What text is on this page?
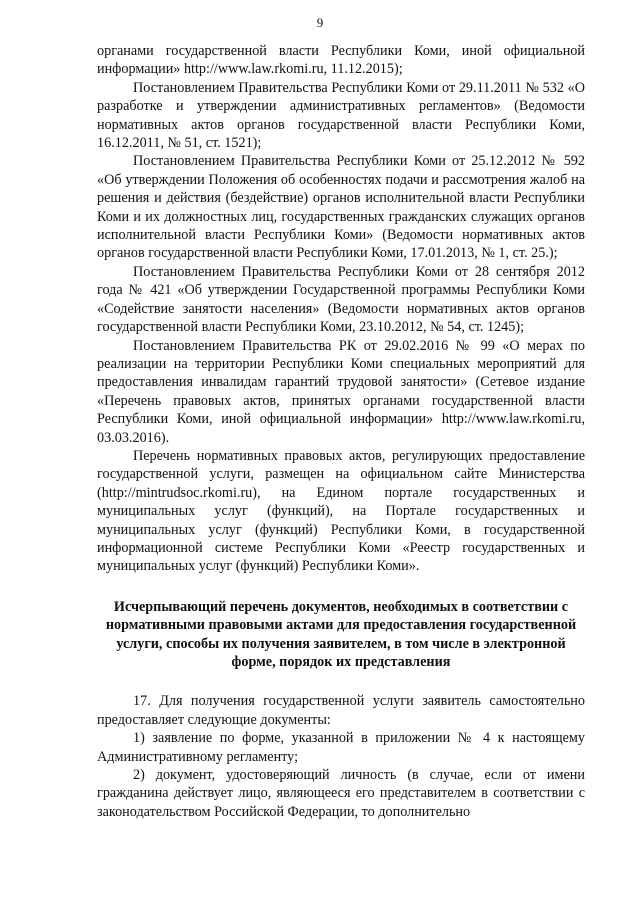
9

органами государственной власти Республики Коми, иной официальной информации» http://www.law.rkomi.ru, 11.12.2015);

Постановлением Правительства Республики Коми от 29.11.2011 № 532 «О разработке и утверждении административных регламентов» (Ведомости нормативных актов органов государственной власти Республики Коми, 16.12.2011, № 51, ст. 1521);

Постановлением Правительства Республики Коми от 25.12.2012 № 592 «Об утверждении Положения об особенностях подачи и рассмотрения жалоб на решения и действия (бездействие) органов исполнительной власти Республики Коми и их должностных лиц, государственных гражданских служащих органов исполнительной власти Республики Коми» (Ведомости нормативных актов органов государственной власти Республики Коми, 17.01.2013, № 1, ст. 25.);

Постановлением Правительства Республики Коми от 28 сентября 2012 года № 421 «Об утверждении Государственной программы Республики Коми «Содействие занятости населения» (Ведомости нормативных актов органов государственной власти Республики Коми, 23.10.2012, № 54, ст. 1245);

Постановлением Правительства РК от 29.02.2016 № 99 «О мерах по реализации на территории Республики Коми специальных мероприятий для предоставления инвалидам гарантий трудовой занятости» (Сетевое издание «Перечень правовых актов, принятых органами государственной власти Республики Коми, иной официальной информации» http://www.law.rkomi.ru, 03.03.2016).

Перечень нормативных правовых актов, регулирующих предоставление государственной услуги, размещен на официальном сайте Министерства (http://mintrudsoc.rkomi.ru), на Едином портале государственных и муниципальных услуг (функций), на Портале государственных и муниципальных услуг (функций) Республики Коми, в государственной информационной системе Республики Коми «Реестр государственных и муниципальных услуг (функций) Республики Коми».

Исчерпывающий перечень документов, необходимых в соответствии с нормативными правовыми актами для предоставления государственной услуги, способы их получения заявителем, в том числе в электронной форме, порядок их представления

17. Для получения государственной услуги заявитель самостоятельно предоставляет следующие документы:

1) заявление по форме, указанной в приложении № 4 к настоящему Административному регламенту;

2) документ, удостоверяющий личность (в случае, если от имени гражданина действует лицо, являющееся его представителем в соответствии с законодательством Российской Федерации, то дополнительно
